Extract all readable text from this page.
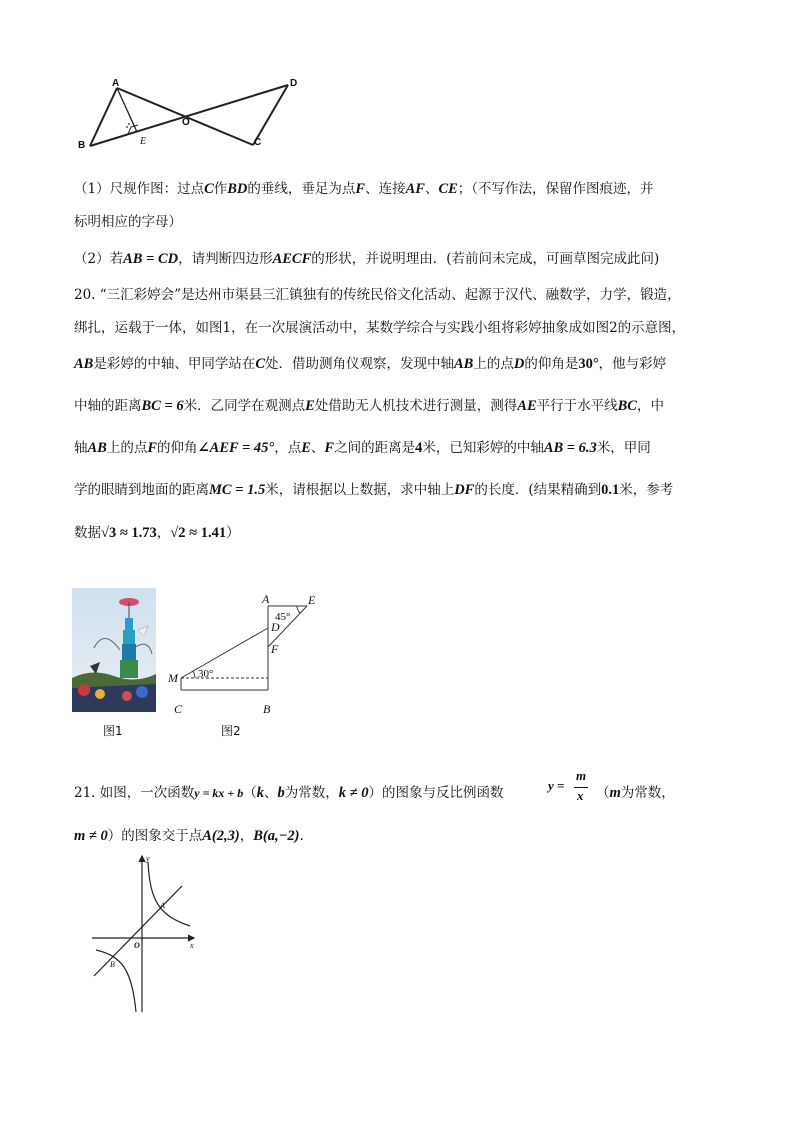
A
B	C
D
O
E
（1）尺规作图：过点C作BD的垂线，垂足为点F、连接AF、CE；（不写作法，保留作图痕迹，并
标明相应的字母）
（2）若AB = CD，请判断四边形AECF的形状，并说明理由．(若前问未完成，可画草图完成此问)
20. “三汇彩婷会”是达州市渠县三汇镇独有的传统民俗文化活动、起源于汉代、融数学，力学，锻造，
绑扎，运载于一体，如图1，在一次展演活动中，某数学综合与实践小组将彩婷抽象成如图2的示意图，
AB是彩婷的中轴、甲同学站在C处．借助测角仪观察，发现中轴AB上的点D的仰角是30°，他与彩婷
中轴的距离BC = 6米．乙同学在观测点E处借助无人机技术进行测量，测得AE平行于水平线BC，中
轴AB上的点F的仰角∠AEF = 45°，点E、F之间的距离是4米，已知彩婷的中轴AB = 6.3米，甲同
学的眼睛到地面的距离MC = 1.5米，请根据以上数据，求中轴上DF的长度．(结果精确到0.1米，参考
数据√3 ≈ 1.73，√2 ≈ 1.41）
图1
A	E
D
F
M
C	B
45°
30°
图2
21. 如图，一次函数y = kx + b（k、b为常数，k ≠ 0）的图象与反比例函数	y =
m
x （m为常数，
m ≠ 0）的图象交于点A(2,3)，B(a,−2).
y
x
O
A
B
